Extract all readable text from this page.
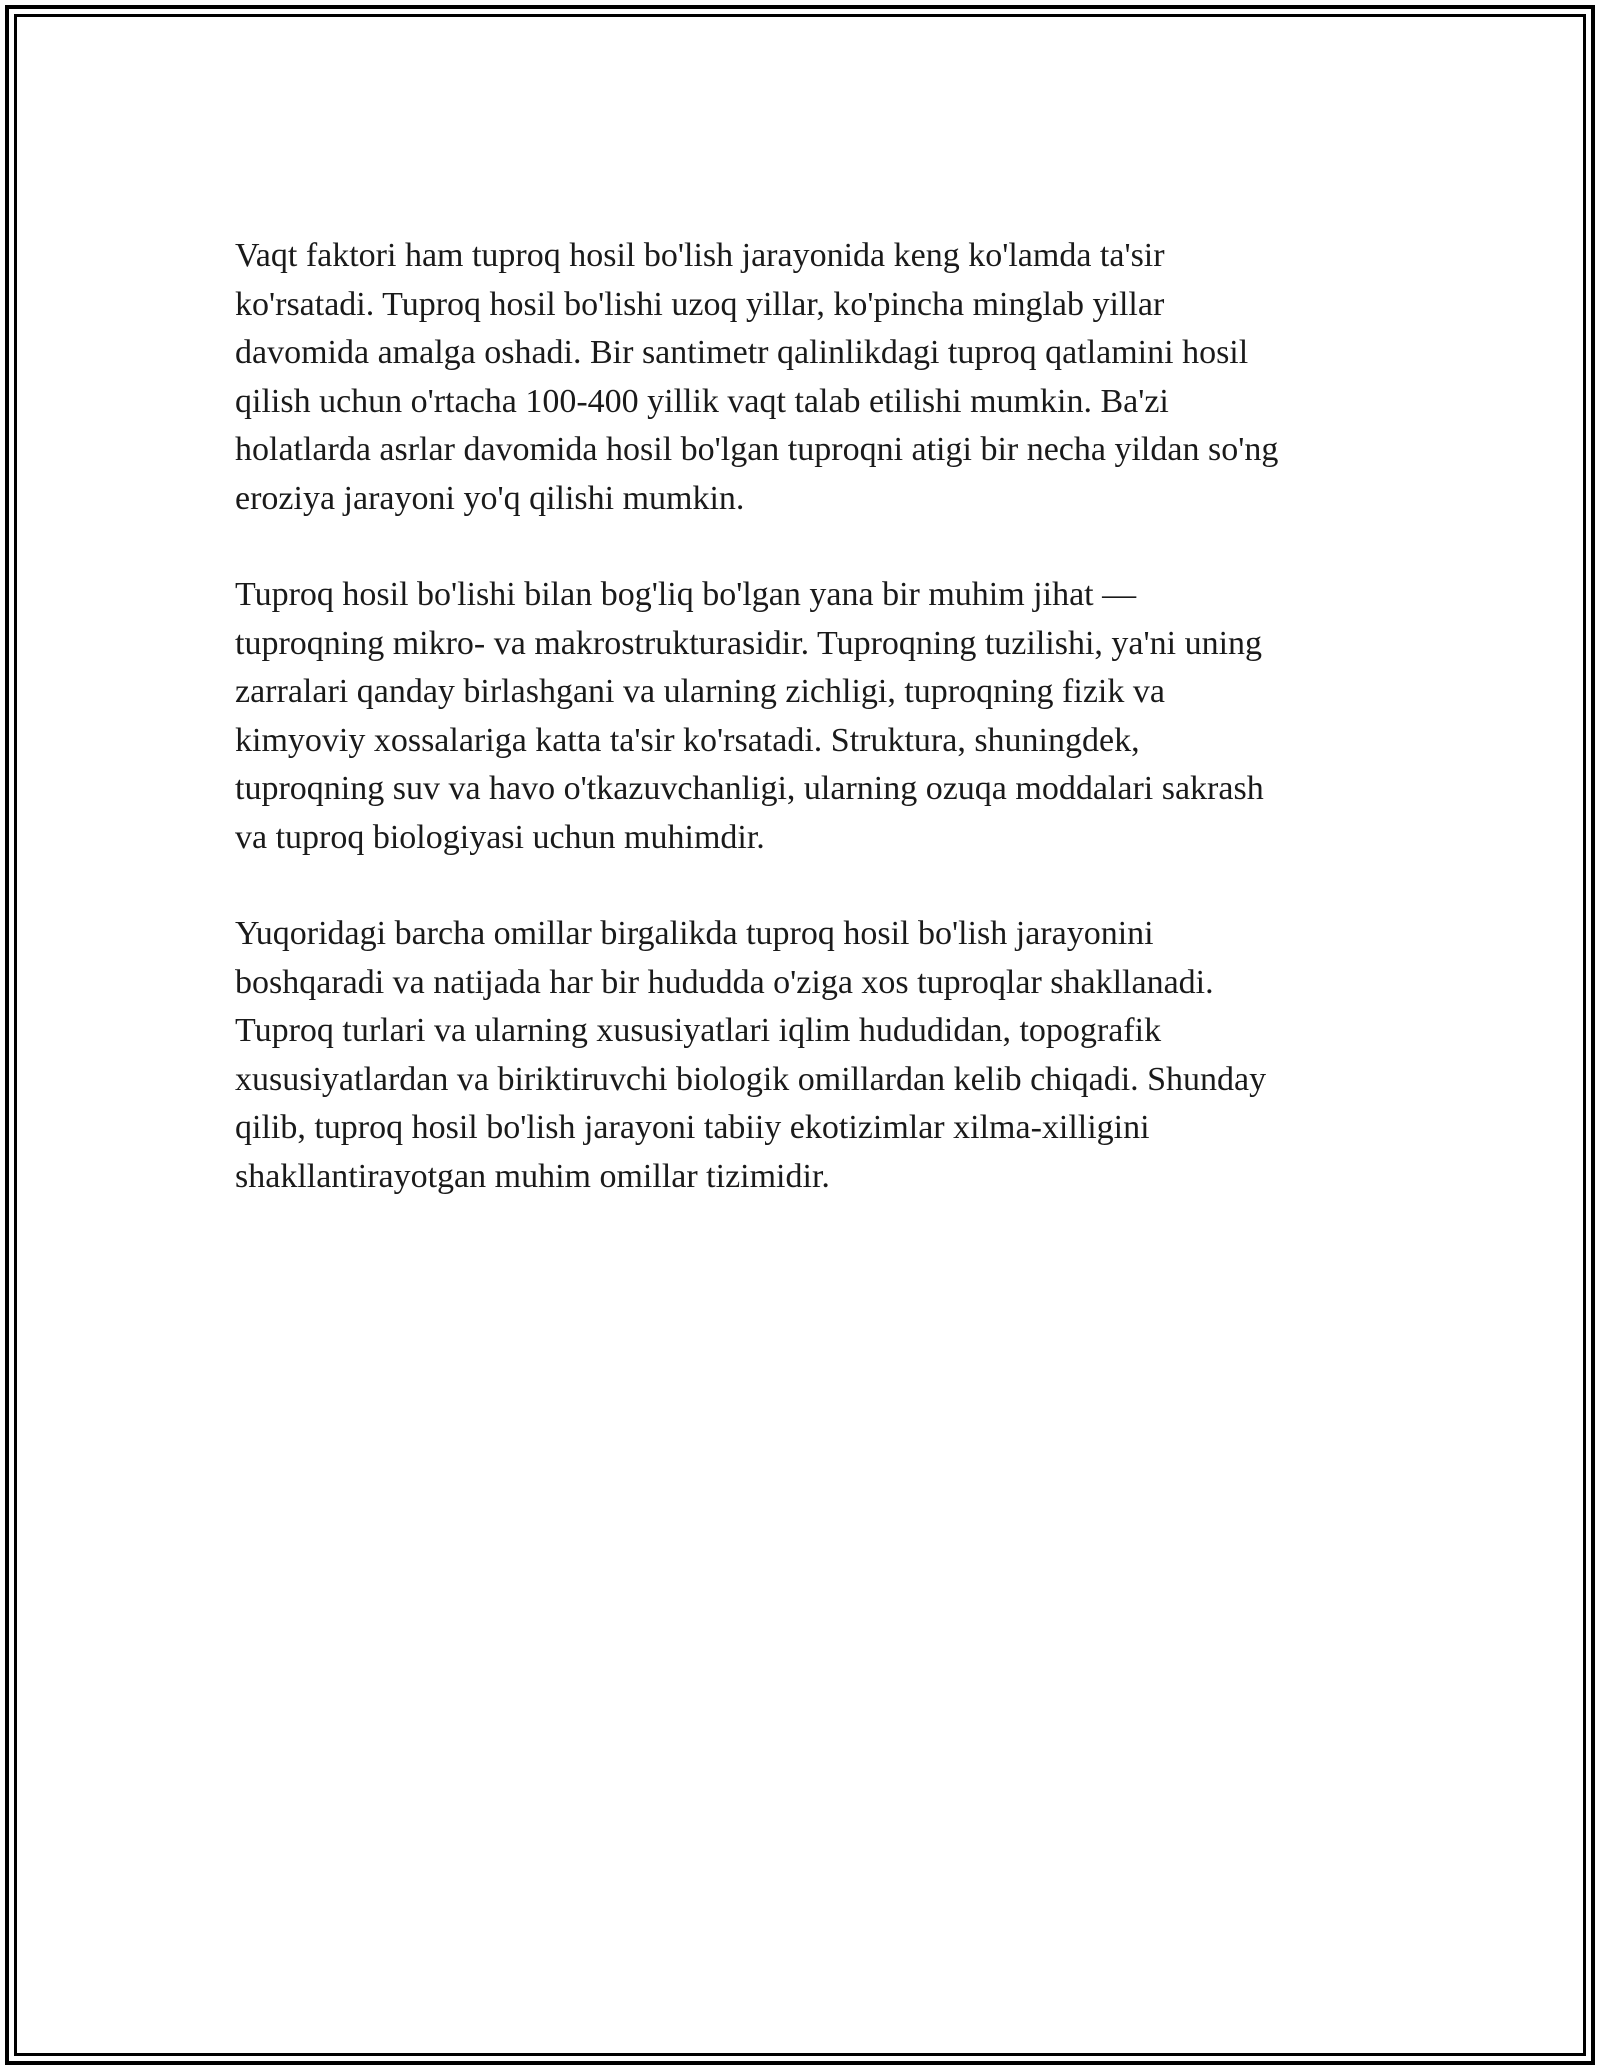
Vaqt faktori ham tuproq hosil bo'lish jarayonida keng ko'lamda ta'sir
ko'rsatadi. Tuproq hosil bo'lishi uzoq yillar, ko'pincha minglab yillar
davomida amalga oshadi. Bir santimetr qalinlikdagi tuproq qatlamini hosil
qilish uchun o'rtacha 100-400 yillik vaqt talab etilishi mumkin. Ba'zi
holatlarda asrlar davomida hosil bo'lgan tuproqni atigi bir necha yildan so'ng
eroziya jarayoni yo'q qilishi mumkin.

Tuproq hosil bo'lishi bilan bog'liq bo'lgan yana bir muhim jihat —
tuproqning mikro- va makrostrukturasidir. Tuproqning tuzilishi, ya'ni uning
zarralari qanday birlashgani va ularning zichligi, tuproqning fizik va
kimyoviy xossalariga katta ta'sir ko'rsatadi. Struktura, shuningdek,
tuproqning suv va havo o'tkazuvchanligi, ularning ozuqa moddalari sakrash
va tuproq biologiyasi uchun muhimdir.

Yuqoridagi barcha omillar birgalikda tuproq hosil bo'lish jarayonini
boshqaradi va natijada har bir hududda o'ziga xos tuproqlar shakllanadi.
Tuproq turlari va ularning xususiyatlari iqlim hududidan, topografik
xususiyatlardan va biriktiruvchi biologik omillardan kelib chiqadi. Shunday
qilib, tuproq hosil bo'lish jarayoni tabiiy ekotizimlar xilma-xilligini
shakllantirayotgan muhim omillar tizimidir.
